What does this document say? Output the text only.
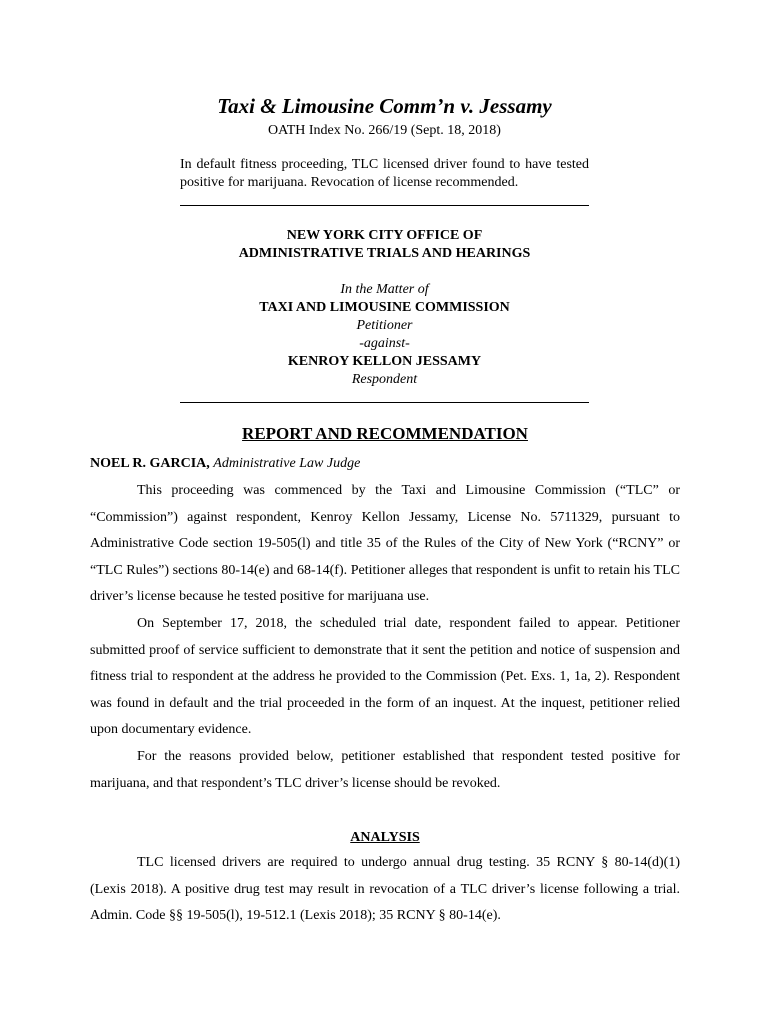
Taxi & Limousine Comm’n v. Jessamy
OATH Index No. 266/19 (Sept. 18, 2018)
In default fitness proceeding, TLC licensed driver found to have tested positive for marijuana. Revocation of license recommended.
NEW YORK CITY OFFICE OF
ADMINISTRATIVE TRIALS AND HEARINGS
In the Matter of
TAXI AND LIMOUSINE COMMISSION
Petitioner
-against-
KENROY KELLON JESSAMY
Respondent
REPORT AND RECOMMENDATION
NOEL R. GARCIA, Administrative Law Judge

This proceeding was commenced by the Taxi and Limousine Commission (“TLC” or “Commission”) against respondent, Kenroy Kellon Jessamy, License No. 5711329, pursuant to Administrative Code section 19-505(l) and title 35 of the Rules of the City of New York (“RCNY” or “TLC Rules”) sections 80-14(e) and 68-14(f). Petitioner alleges that respondent is unfit to retain his TLC driver’s license because he tested positive for marijuana use.

On September 17, 2018, the scheduled trial date, respondent failed to appear. Petitioner submitted proof of service sufficient to demonstrate that it sent the petition and notice of suspension and fitness trial to respondent at the address he provided to the Commission (Pet. Exs. 1, 1a, 2). Respondent was found in default and the trial proceeded in the form of an inquest. At the inquest, petitioner relied upon documentary evidence.

For the reasons provided below, petitioner established that respondent tested positive for marijuana, and that respondent’s TLC driver’s license should be revoked.

ANALYSIS

TLC licensed drivers are required to undergo annual drug testing. 35 RCNY § 80-14(d)(1) (Lexis 2018). A positive drug test may result in revocation of a TLC driver’s license following a trial. Admin. Code §§ 19-505(l), 19-512.1 (Lexis 2018); 35 RCNY § 80-14(e).
